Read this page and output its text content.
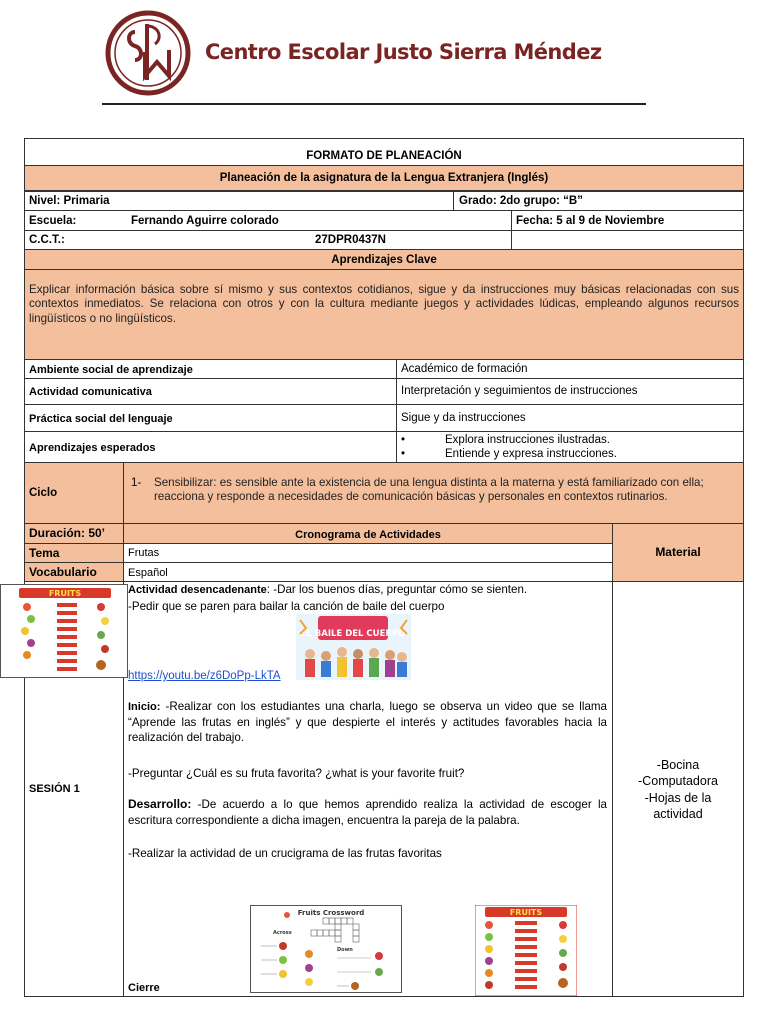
Centro Escolar Justo Sierra Méndez
FORMATO DE PLANEACIÓN
Planeación de la asignatura de la Lengua Extranjera (Inglés)
Nivel: Primaria	Grado: 2do grupo: “B”
Escuela:	Fernando Aguirre colorado	Fecha: 5 al 9 de Noviembre
C.C.T.:	27DPR0437N
Aprendizajes Clave
Explicar información básica sobre sí mismo y sus contextos cotidianos, sigue y da instrucciones muy básicas relacionadas con sus contextos inmediatos. Se relaciona con otros y con la cultura mediante juegos y actividades lúdicas, empleando algunos recursos lingüísticos o no lingüísticos.
Ambiente social de aprendizaje	Académico de formación
Actividad comunicativa	Interpretación y seguimientos de instrucciones
Práctica social del lenguaje	Sigue y da instrucciones
Aprendizajes esperados
•	Explora instrucciones ilustradas.
•	Entiende y expresa instrucciones.
Ciclo
1- Sensibilizar: es sensible ante la existencia de una lengua distinta a la materna y está familiarizado con ella; reacciona y responde a necesidades de comunicación básicas y personales en contextos rutinarios.
Duración: 50’	Cronograma de Actividades
Material
Tema	Frutas
Vocabulario	Español
SESIÓN 1
FRUITS	Actividad desencadenante: -Dar los buenos días, preguntar cómo se sienten.
-Pedir que se paren para bailar la canción de baile del cuerpo
EL BAILE DEL CUERPO
https://youtu.be/z6DoPp-LkTA
Inicio: -Realizar con los estudiantes una charla, luego se observa un video que se llama “Aprende las frutas en inglés” y que despierte el interés y actitudes favorables hacia la realización del trabajo.
-Preguntar ¿Cuál es su fruta favorita? ¿what is your favorite fruit?
Desarrollo: -De acuerdo a lo que hemos aprendido realiza la actividad de escoger la escritura correspondiente a dicha imagen, encuentra la pareja de la palabra.
-Realizar la actividad de un crucigrama de las frutas favoritas
Fruits Crossword
Across
Down
FRUITS
Cierre
-Bocina
-Computadora
-Hojas de la
actividad
